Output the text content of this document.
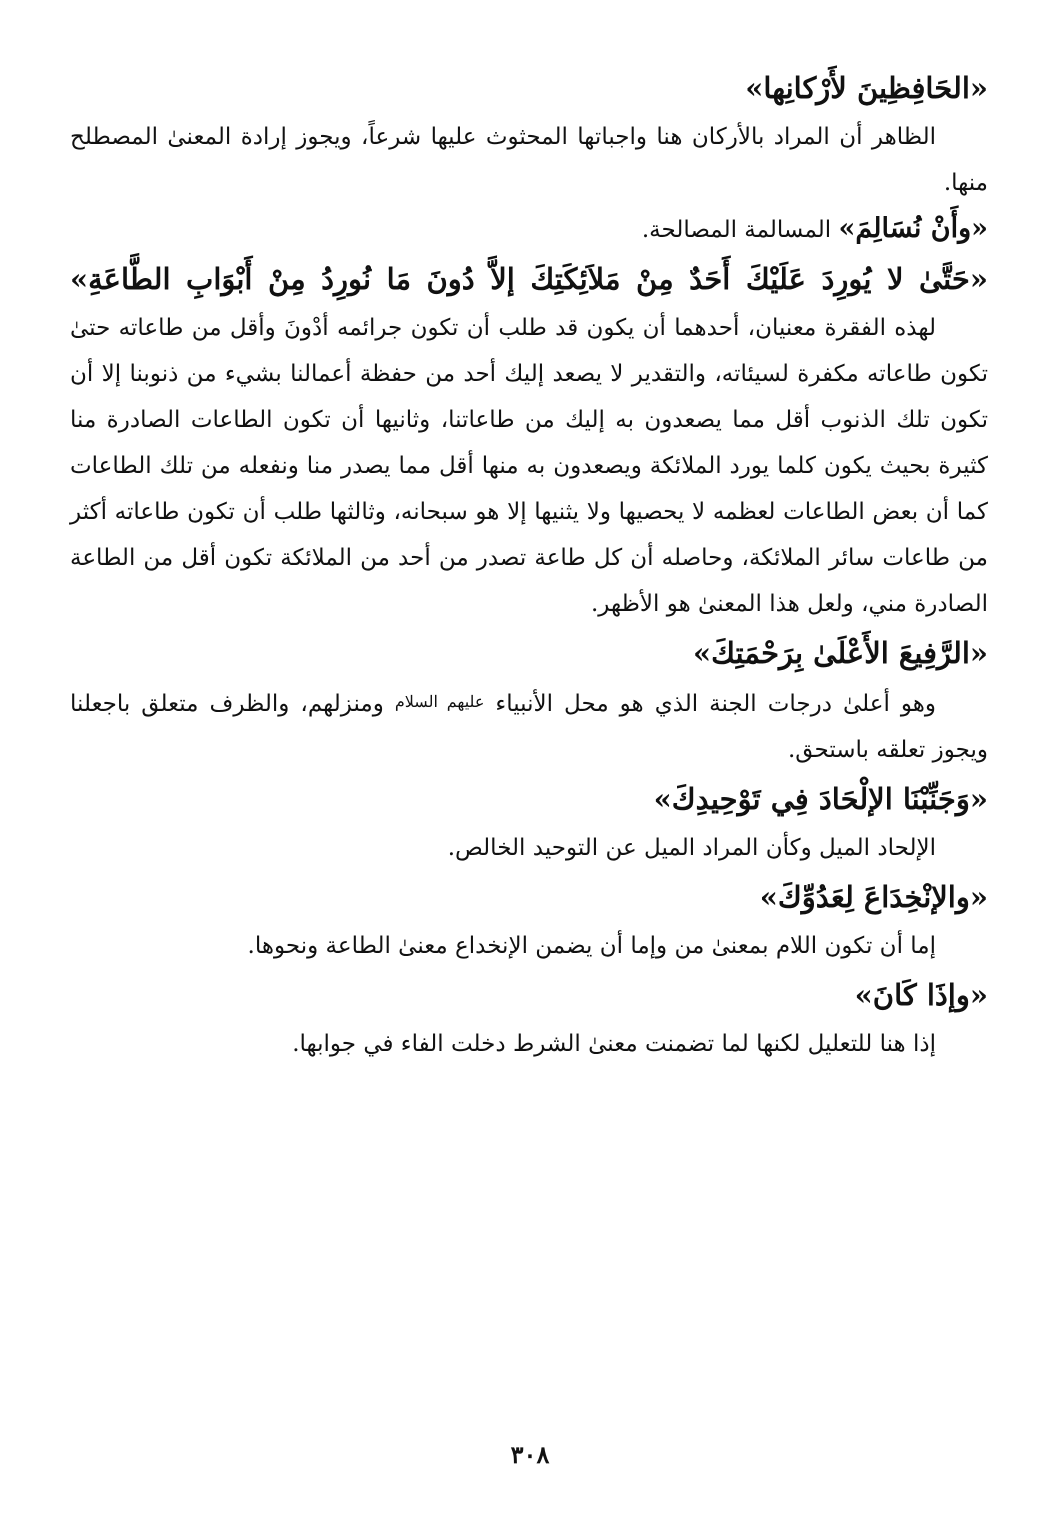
«الحَافِظِينَ لأَرْكانِها»

الظاهر أن المراد بالأركان هنا واجباتها المحثوث عليها شرعاً، ويجوز إرادة المعنىٰ المصطلح منها.

«وأَنْ نُسَالِمَ» المسالمة المصالحة.

«حَتَّىٰ لا يُورِدَ عَلَيْكَ أَحَدٌ مِنْ مَلاَئِكَتِكَ إلاَّ دُونَ مَا نُورِدُ مِنْ أَبْوَابِ الطَّاعَةِ»

لهذه الفقرة معنيان، أحدهما أن يكون قد طلب أن تكون جرائمه أدْونَ وأقل من طاعاته حتىٰ تكون طاعاته مكفرة لسيئاته، والتقدير لا يصعد إليك أحد من حفظة أعمالنا بشيء من ذنوبنا إلا أن تكون تلك الذنوب أقل مما يصعدون به إليك من طاعاتنا، وثانيها أن تكون الطاعات الصادرة منا كثيرة بحيث يكون كلما يورد الملائكة ويصعدون به منها أقل مما يصدر منا ونفعله من تلك الطاعات كما أن بعض الطاعات لعظمه لا يحصيها ولا يثنيها إلا هو سبحانه، وثالثها طلب أن تكون طاعاته أكثر من طاعات سائر الملائكة، وحاصله أن كل طاعة تصدر من أحد من الملائكة تكون أقل من الطاعة الصادرة مني، ولعل هذا المعنىٰ هو الأظهر.

«الرَّفِيعَ الأَعْلَىٰ بِرَحْمَتِكَ»

وهو أعلىٰ درجات الجنة الذي هو محل الأنبياء عليهم السلام ومنزلهم، والظرف متعلق باجعلنا ويجوز تعلقه باستحق.

«وَجَنِّبْنَا الإلْحَادَ فِي تَوْحِيدِكَ»

الإلحاد الميل وكأن المراد الميل عن التوحيد الخالص.

«والإنْخِدَاعَ لِعَدُوِّكَ»

إما أن تكون اللام بمعنىٰ من وإما أن يضمن الإنخداع معنىٰ الطاعة ونحوها.

«وإذَا كَانَ»

إذا هنا للتعليل لكنها لما تضمنت معنىٰ الشرط دخلت الفاء في جوابها.

٣٠٨
